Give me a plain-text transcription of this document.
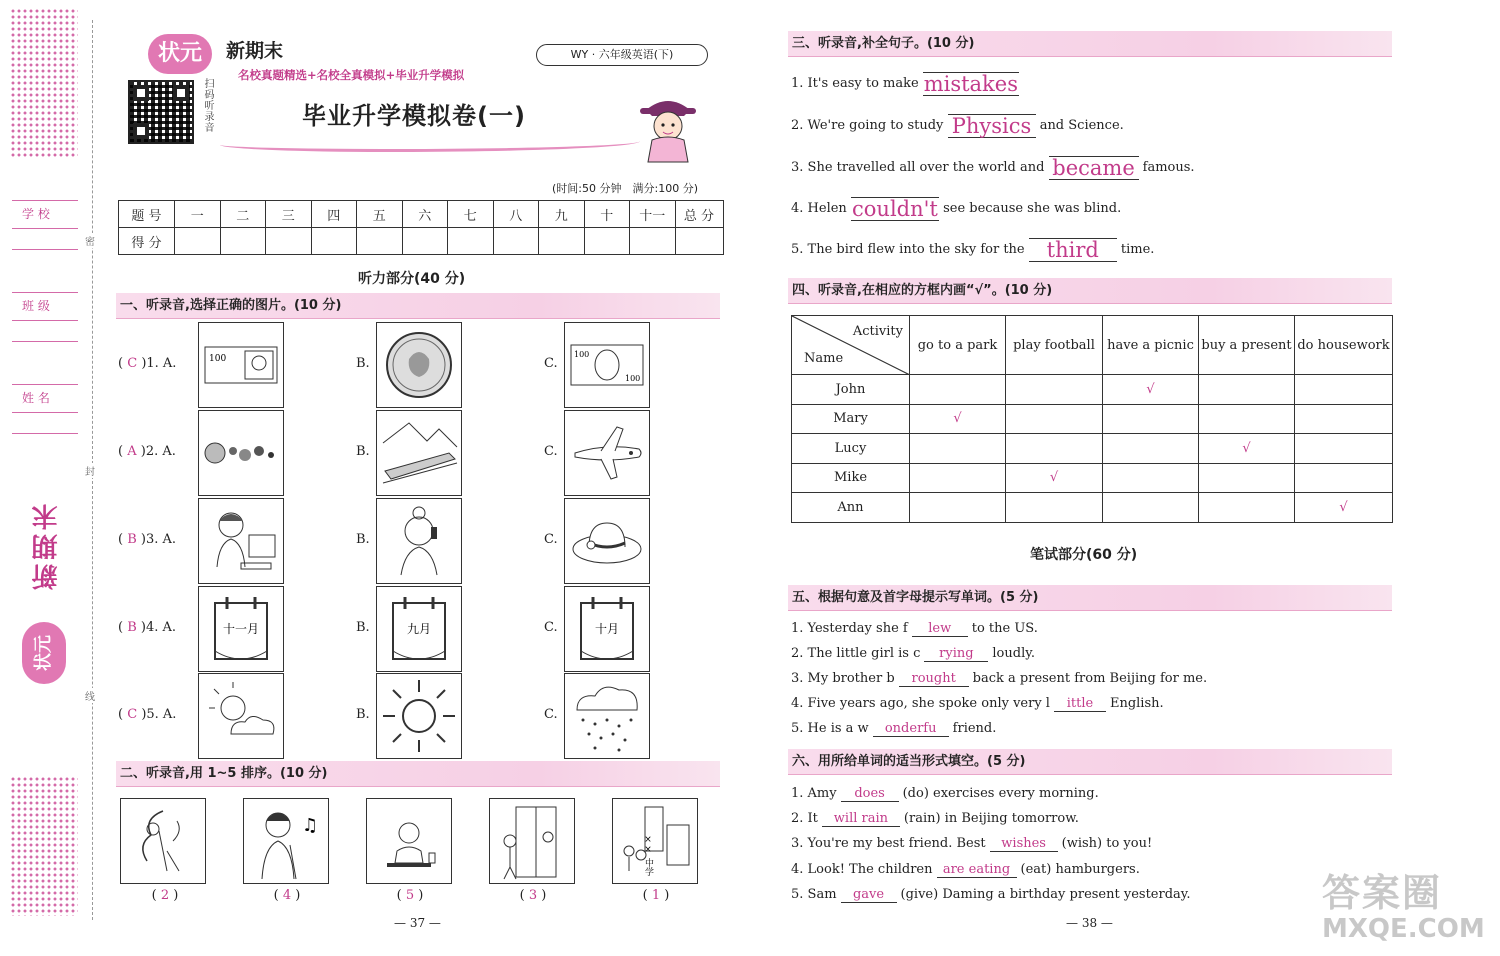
学 校
班 级
姓 名
新期末
状元
密
封
线
状元	新期末
名校真题精选+名校全真模拟+毕业升学模拟
WY · 六年级英语(下)
扫码听录音	毕业升学模拟卷(一)
(时间:50 分钟　满分:100 分)
题 号	一	二	三	四	五	六	七	八	九	十	十一	总 分
得 分												
听力部分(40 分)
一、听录音,选择正确的图片。(10 分)
( C )1. A.	100	B.	C.
100
100
( A )2. A.	B.	C.
( B )3. A.	B.	C.
( B )4. A.	十一月	B.	九月	C.	十月
( C )5. A.	B.	C.
二、听录音,用 1~5 排序。(10 分)
♫
×× 中学
( 2 )	( 4 )	( 5 )	( 3 )	( 1 )
— 37 —
三、听录音,补全句子。(10 分)
1. It's easy to make mistakes
2. We're going to study Physics and Science.
3. She travelled all over the world and became famous.
4. Helen couldn't see because she was blind.
5. The bird flew into the sky for the third time.
四、听录音,在相应的方框内画“√”。(10 分)
Activity
Name	go to a park	play football	have a picnic	buy a present	do housework
John			√		
Mary	√				
Lucy				√	
Mike		√			
Ann					√
笔试部分(60 分)
五、根据句意及首字母提示写单词。(5 分)
1. Yesterday she f lew to the US.
2. The little girl is c rying loudly.
3. My brother b rought back a present from Beijing for me.
4. Five years ago, she spoke only very l ittle English.
5. He is a w onderfu friend.
六、用所给单词的适当形式填空。(5 分)
1. Amy does (do) exercises every morning.
2. It will rain (rain) in Beijing tomorrow.
3. You're my best friend. Best wishes (wish) to you!
4. Look! The children are eating (eat) hamburgers.
5. Sam gave (give) Daming a birthday present yesterday.
— 38 —
答案圈
MXQE.COM
